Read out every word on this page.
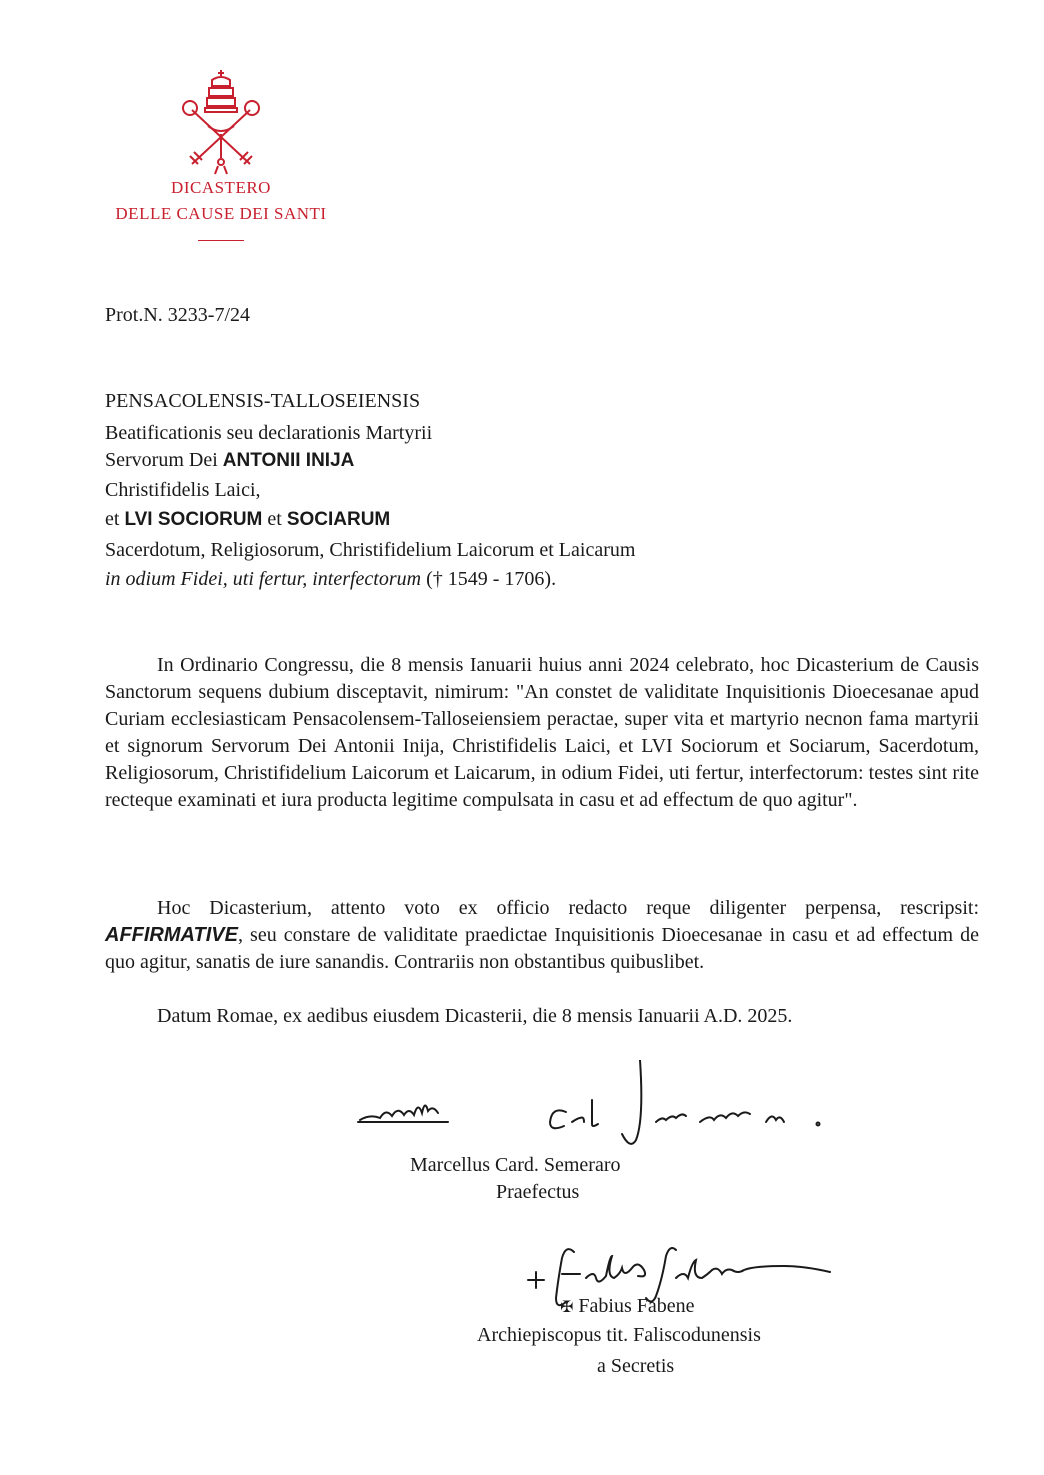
DICASTERO
DELLE CAUSE DEI SANTI
Prot.N. 3233-7/24
PENSACOLENSIS-TALLOSEIENSIS
Beatificationis seu declarationis Martyrii
Servorum Dei ANTONII INIJA
Christifidelis Laici,
et LVI SOCIORUM et SOCIARUM
Sacerdotum, Religiosorum, Christifidelium Laicorum et Laicarum
in odium Fidei, uti fertur, interfectorum († 1549 - 1706).
In Ordinario Congressu, die 8 mensis Ianuarii huius anni 2024 celebrato, hoc Dicasterium de Causis Sanctorum sequens dubium disceptavit, nimirum: "An constet de validitate Inquisitionis Dioecesanae apud Curiam ecclesiasticam Pensacolensem-Talloseiensiem peractae, super vita et martyrio necnon fama martyrii et signorum Servorum Dei Antonii Inija, Christifidelis Laici, et LVI Sociorum et Sociarum, Sacerdotum, Religiosorum, Christifidelium Laicorum et Laicarum, in odium Fidei, uti fertur, interfectorum: testes sint rite recteque examinati et iura producta legitime compulsata in casu et ad effectum de quo agitur".
Hoc Dicasterium, attento voto ex officio redacto reque diligenter perpensa, rescripsit: AFFIRMATIVE, seu constare de validitate praedictae Inquisitionis Dioecesanae in casu et ad effectum de quo agitur, sanatis de iure sanandis. Contrariis non obstantibus quibuslibet.
Datum Romae, ex aedibus eiusdem Dicasterii, die 8 mensis Ianuarii A.D. 2025.
Marcellus Card. Semeraro
Praefectus
✠ Fabius Fabene
Archiepiscopus tit. Faliscodunensis
a Secretis
